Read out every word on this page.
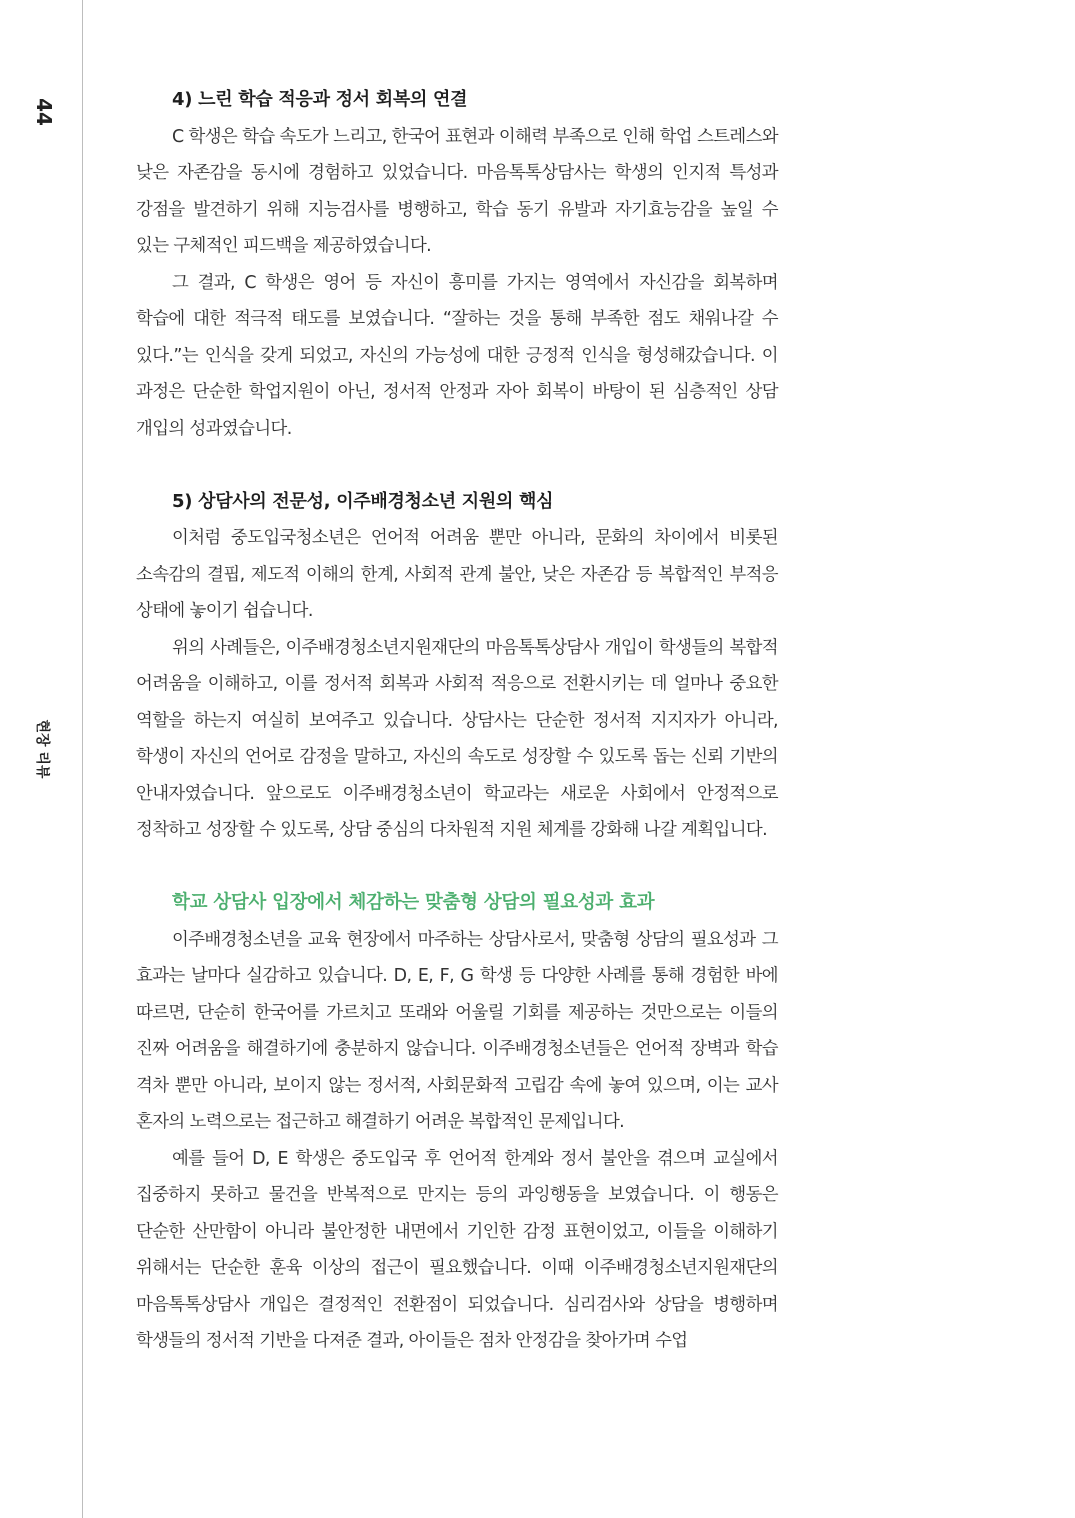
44
현장 리뷰
4) 느린 학습 적응과 정서 회복의 연결

C 학생은 학습 속도가 느리고, 한국어 표현과 이해력 부족으로 인해 학업 스트레스와 낮은 자존감을 동시에 경험하고 있었습니다. 마음톡톡상담사는 학생의 인지적 특성과 강점을 발견하기 위해 지능검사를 병행하고, 학습 동기 유발과 자기효능감을 높일 수 있는 구체적인 피드백을 제공하였습니다.

그 결과, C 학생은 영어 등 자신이 흥미를 가지는 영역에서 자신감을 회복하며 학습에 대한 적극적 태도를 보였습니다. “잘하는 것을 통해 부족한 점도 채워나갈 수 있다.”는 인식을 갖게 되었고, 자신의 가능성에 대한 긍정적 인식을 형성해갔습니다. 이 과정은 단순한 학업지원이 아닌, 정서적 안정과 자아 회복이 바탕이 된 심층적인 상담 개입의 성과였습니다.

5) 상담사의 전문성, 이주배경청소년 지원의 핵심

이처럼 중도입국청소년은 언어적 어려움 뿐만 아니라, 문화의 차이에서 비롯된 소속감의 결핍, 제도적 이해의 한계, 사회적 관계 불안, 낮은 자존감 등 복합적인 부적응 상태에 놓이기 쉽습니다.

위의 사례들은, 이주배경청소년지원재단의 마음톡톡상담사 개입이 학생들의 복합적 어려움을 이해하고, 이를 정서적 회복과 사회적 적응으로 전환시키는 데 얼마나 중요한 역할을 하는지 여실히 보여주고 있습니다. 상담사는 단순한 정서적 지지자가 아니라, 학생이 자신의 언어로 감정을 말하고, 자신의 속도로 성장할 수 있도록 돕는 신뢰 기반의 안내자였습니다. 앞으로도 이주배경청소년이 학교라는 새로운 사회에서 안정적으로 정착하고 성장할 수 있도록, 상담 중심의 다차원적 지원 체계를 강화해 나갈 계획입니다.

학교 상담사 입장에서 체감하는 맞춤형 상담의 필요성과 효과

이주배경청소년을 교육 현장에서 마주하는 상담사로서, 맞춤형 상담의 필요성과 그 효과는 날마다 실감하고 있습니다. D, E, F, G 학생 등 다양한 사례를 통해 경험한 바에 따르면, 단순히 한국어를 가르치고 또래와 어울릴 기회를 제공하는 것만으로는 이들의 진짜 어려움을 해결하기에 충분하지 않습니다. 이주배경청소년들은 언어적 장벽과 학습 격차 뿐만 아니라, 보이지 않는 정서적, 사회문화적 고립감 속에 놓여 있으며, 이는 교사 혼자의 노력으로는 접근하고 해결하기 어려운 복합적인 문제입니다.

예를 들어 D, E 학생은 중도입국 후 언어적 한계와 정서 불안을 겪으며 교실에서 집중하지 못하고 물건을 반복적으로 만지는 등의 과잉행동을 보였습니다. 이 행동은 단순한 산만함이 아니라 불안정한 내면에서 기인한 감정 표현이었고, 이들을 이해하기 위해서는 단순한 훈육 이상의 접근이 필요했습니다. 이때 이주배경청소년지원재단의 마음톡톡상담사 개입은 결정적인 전환점이 되었습니다. 심리검사와 상담을 병행하며 학생들의 정서적 기반을 다져준 결과, 아이들은 점차 안정감을 찾아가며 수업
